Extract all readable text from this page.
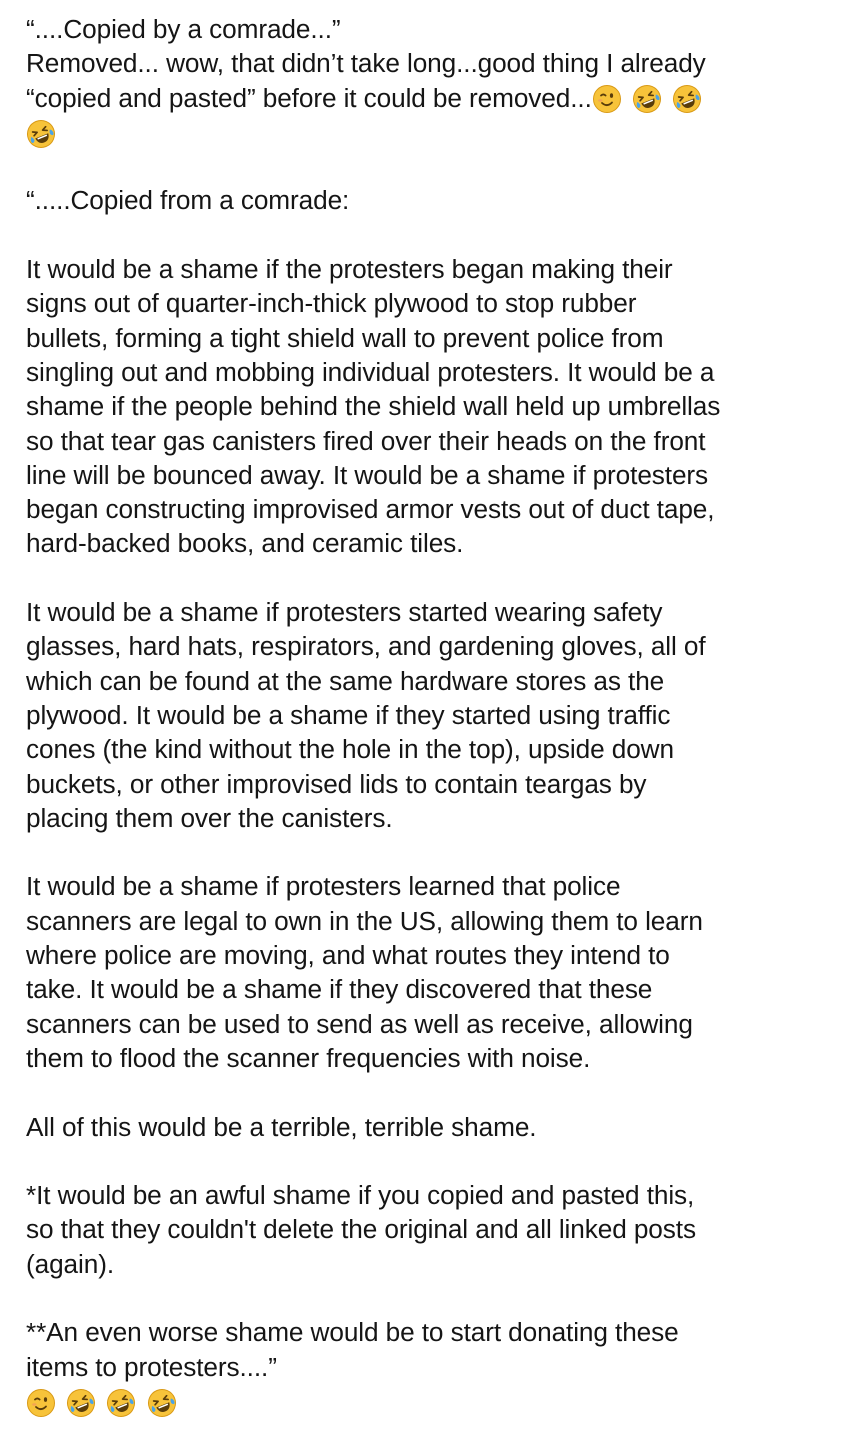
“....Copied by a comrade...”
Removed... wow, that didn’t take long...good thing I already
“copied and pasted” before it could be removed...

“.....Copied from a comrade:
It would be a shame if the protesters began making their
signs out of quarter-inch-thick plywood to stop rubber
bullets, forming a tight shield wall to prevent police from
singling out and mobbing individual protesters. It would be a
shame if the people behind the shield wall held up umbrellas
so that tear gas canisters fired over their heads on the front
line will be bounced away. It would be a shame if protesters
began constructing improvised armor vests out of duct tape,
hard-backed books, and ceramic tiles.
It would be a shame if protesters started wearing safety
glasses, hard hats, respirators, and gardening gloves, all of
which can be found at the same hardware stores as the
plywood. It would be a shame if they started using traffic
cones (the kind without the hole in the top), upside down
buckets, or other improvised lids to contain teargas by
placing them over the canisters.
It would be a shame if protesters learned that police
scanners are legal to own in the US, allowing them to learn
where police are moving, and what routes they intend to
take. It would be a shame if they discovered that these
scanners can be used to send as well as receive, allowing
them to flood the scanner frequencies with noise.
All of this would be a terrible, terrible shame.
*It would be an awful shame if you copied and pasted this,
so that they couldn't delete the original and all linked posts
(again).
**An even worse shame would be to start donating these
items to protesters....”
